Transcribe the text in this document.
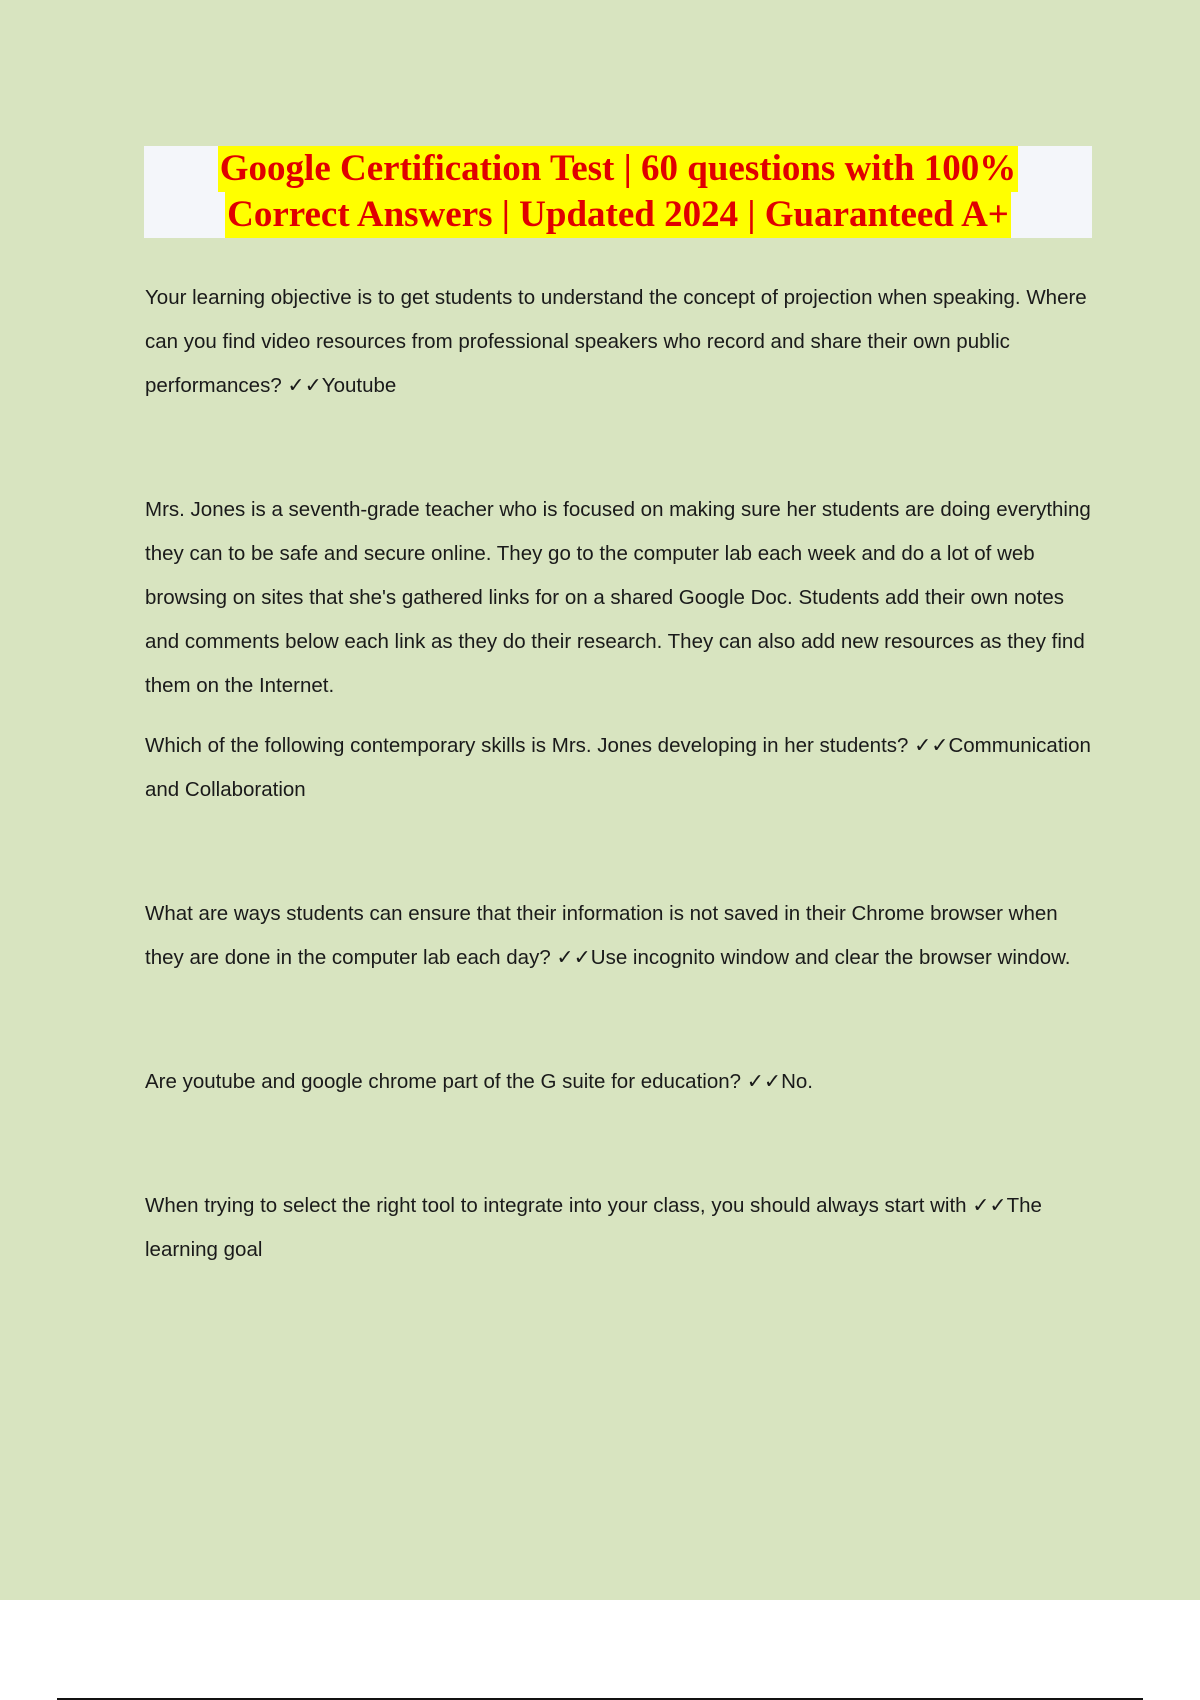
Google Certification Test | 60 questions with 100%
Correct Answers | Updated 2024 | Guaranteed A+

Your learning objective is to get students to understand the concept of projection when speaking. Where can you find video resources from professional speakers who record and share their own public performances? ✓✓Youtube

Mrs. Jones is a seventh-grade teacher who is focused on making sure her students are doing everything they can to be safe and secure online. They go to the computer lab each week and do a lot of web browsing on sites that she's gathered links for on a shared Google Doc. Students add their own notes and comments below each link as they do their research. They can also add new resources as they find them on the Internet.

Which of the following contemporary skills is Mrs. Jones developing in her students? ✓✓Communication and Collaboration

What are ways students can ensure that their information is not saved in their Chrome browser when they are done in the computer lab each day? ✓✓Use incognito window and clear the browser window.

Are youtube and google chrome part of the G suite for education? ✓✓No.

When trying to select the right tool to integrate into your class, you should always start with ✓✓The learning goal
